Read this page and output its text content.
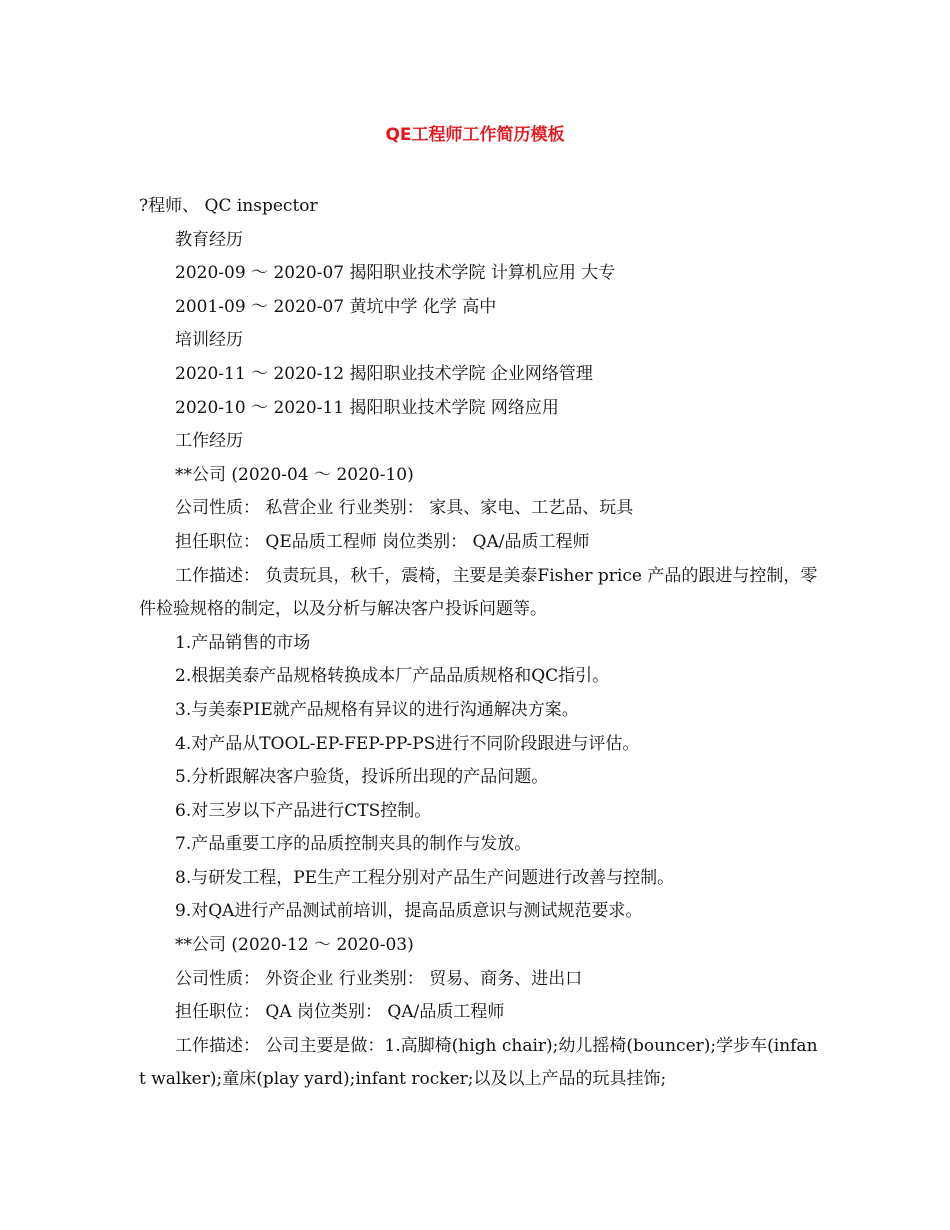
QE工程师工作简历模板
?程师、 QC inspector
教育经历
2020-09 ～ 2020-07 揭阳职业技术学院 计算机应用 大专
2001-09 ～ 2020-07 黄坑中学 化学 高中
培训经历
2020-11 ～ 2020-12 揭阳职业技术学院 企业网络管理
2020-10 ～ 2020-11 揭阳职业技术学院 网络应用
工作经历
**公司 (2020-04 ～ 2020-10)
公司性质： 私营企业 行业类别： 家具、家电、工艺品、玩具
担任职位： QE品质工程师 岗位类别： QA/品质工程师
工作描述： 负责玩具，秋千，震椅，主要是美泰Fisher price 产品的跟进与控制，零件检验规格的制定，以及分析与解决客户投诉问题等。
1.产品销售的市场
2.根据美泰产品规格转换成本厂产品品质规格和QC指引。
3.与美泰PIE就产品规格有异议的进行沟通解决方案。
4.对产品从TOOL-EP-FEP-PP-PS进行不同阶段跟进与评估。
5.分析跟解决客户验货，投诉所出现的产品问题。
6.对三岁以下产品进行CTS控制。
7.产品重要工序的品质控制夹具的制作与发放。
8.与研发工程，PE生产工程分别对产品生产问题进行改善与控制。
9.对QA进行产品测试前培训，提高品质意识与测试规范要求。
**公司 (2020-12 ～ 2020-03)
公司性质： 外资企业 行业类别： 贸易、商务、进出口
担任职位： QA 岗位类别： QA/品质工程师
工作描述： 公司主要是做：1.高脚椅(high chair);幼儿摇椅(bouncer);学步车(infant walker);童床(play yard);infant rocker;以及以上产品的玩具挂饰;
